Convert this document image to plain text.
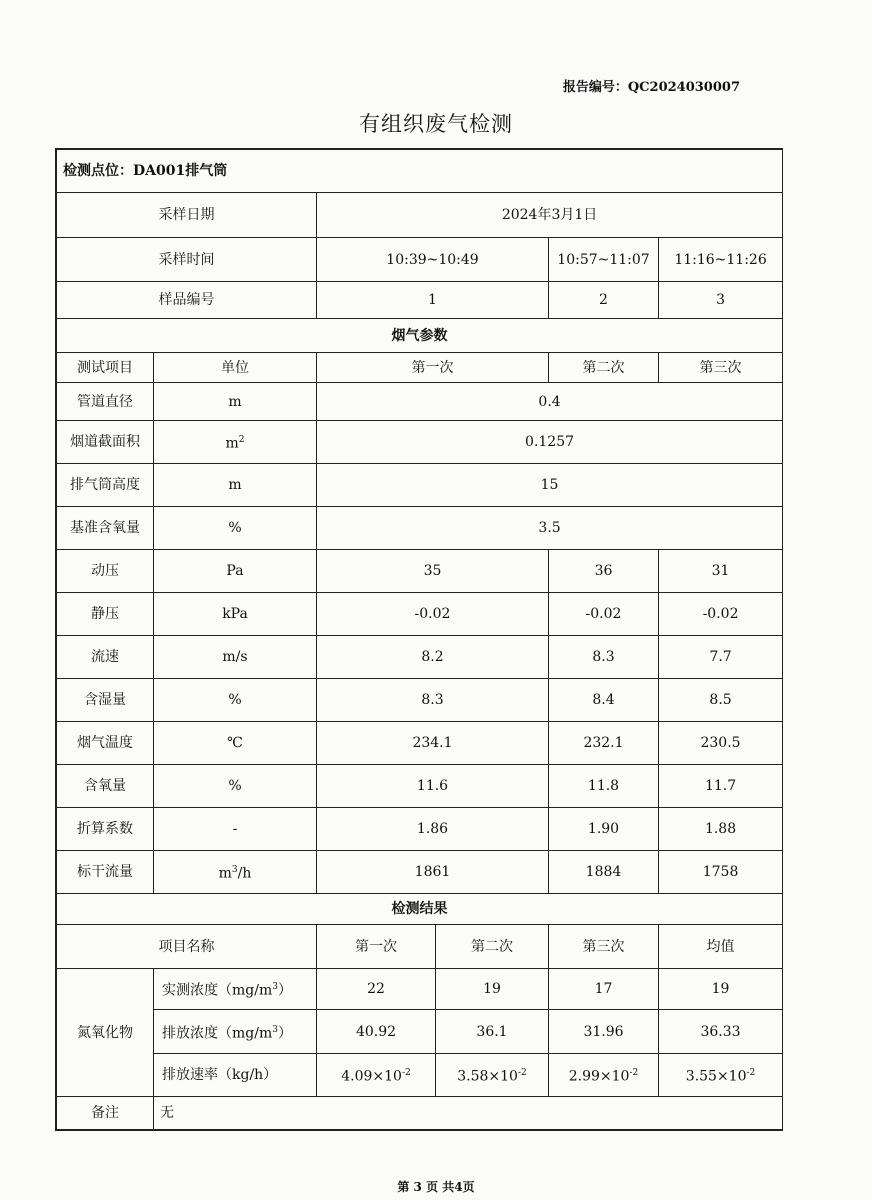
报告编号：QC2024030007
有组织废气检测
检测点位：DA001排气筒					
采样日期		2024年3月1日			
采样时间		10:39~10:49		10:57~11:07	11:16~11:26
样品编号		1		2	3
烟气参数					
测试项目	单位	第一次		第二次	第三次
管道直径	m	0.4			
烟道截面积	$m^2$	0.1257			
排气筒高度	m	15			
基准含氧量	%	3.5			
动压	Pa	35		36	31
静压	kPa	-0.02		-0.02	-0.02
流速	m/s	8.2		8.3	7.7
含湿量	%	8.3		8.4	8.5
烟气温度	℃	234.1		232.1	230.5
含氧量	%	11.6		11.8	11.7
折算系数	-	1.86		1.90	1.88
标干流量	$m^3/h$	1861		1884	1758
检测结果					
项目名称		第一次	第二次	第三次	均值
氮氧化物	实测浓度$(mg/m^3)$	22	19	17	19
	排放浓度$(mg/m^3)$	40.92	36.1	31.96	36.33
	排放速率（kg/h）	$4.09\times 10^{-2}$	$3.58\times 10^{-2}$	$2.99\times 10^{-2}$	$3.55\times 10^{-2}$
备注	无				
第 3 页 共4页
